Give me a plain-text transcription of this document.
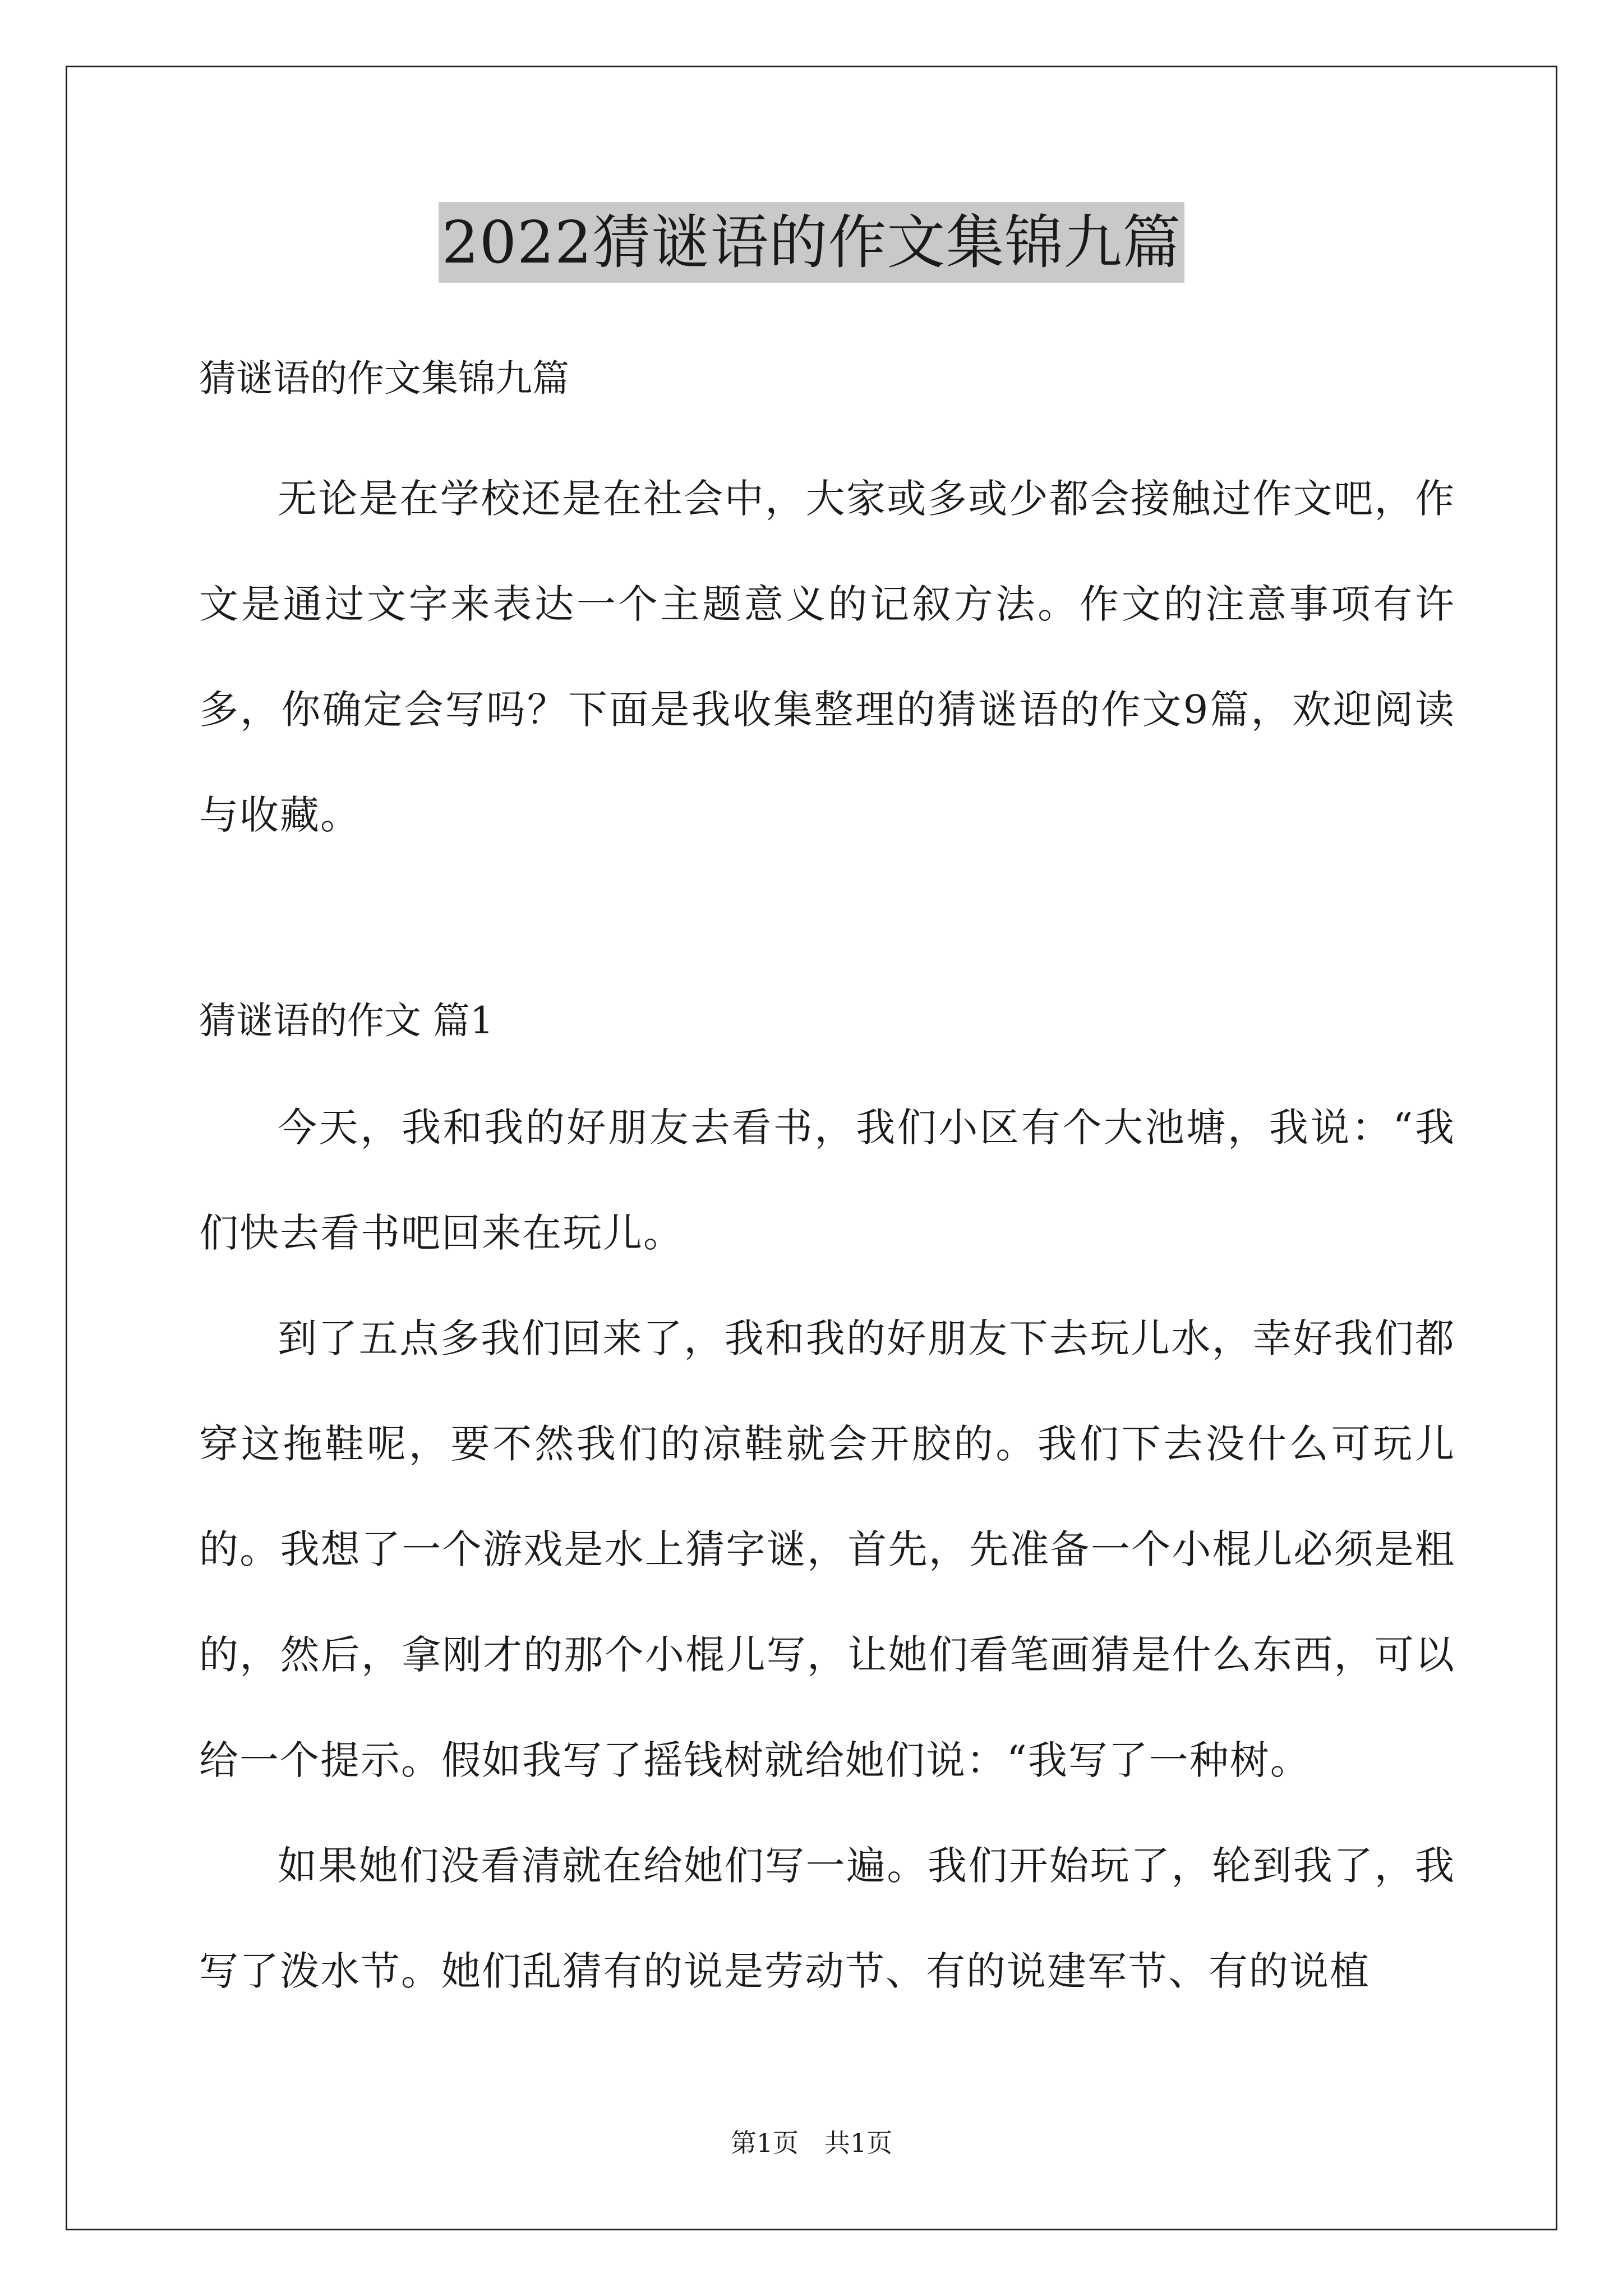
2022猜谜语的作文集锦九篇
猜谜语的作文集锦九篇
无论是在学校还是在社会中，大家或多或少都会接触过作文吧，作文是通过文字来表达一个主题意义的记叙方法。作文的注意事项有许多，你确定会写吗？下面是我收集整理的猜谜语的作文9篇，欢迎阅读与收藏。
猜谜语的作文 篇1
今天，我和我的好朋友去看书，我们小区有个大池塘，我说：“我们快去看书吧回来在玩儿。
到了五点多我们回来了，我和我的好朋友下去玩儿水，幸好我们都穿这拖鞋呢，要不然我们的凉鞋就会开胶的。我们下去没什么可玩儿的。我想了一个游戏是水上猜字谜，首先，先准备一个小棍儿必须是粗的，然后，拿刚才的那个小棍儿写，让她们看笔画猜是什么东西，可以给一个提示。假如我写了摇钱树就给她们说：“我写了一种树。
如果她们没看清就在给她们写一遍。我们开始玩了，轮到我了，我写了泼水节。她们乱猜有的说是劳动节、有的说建军节、有的说植
第1页　共1页
